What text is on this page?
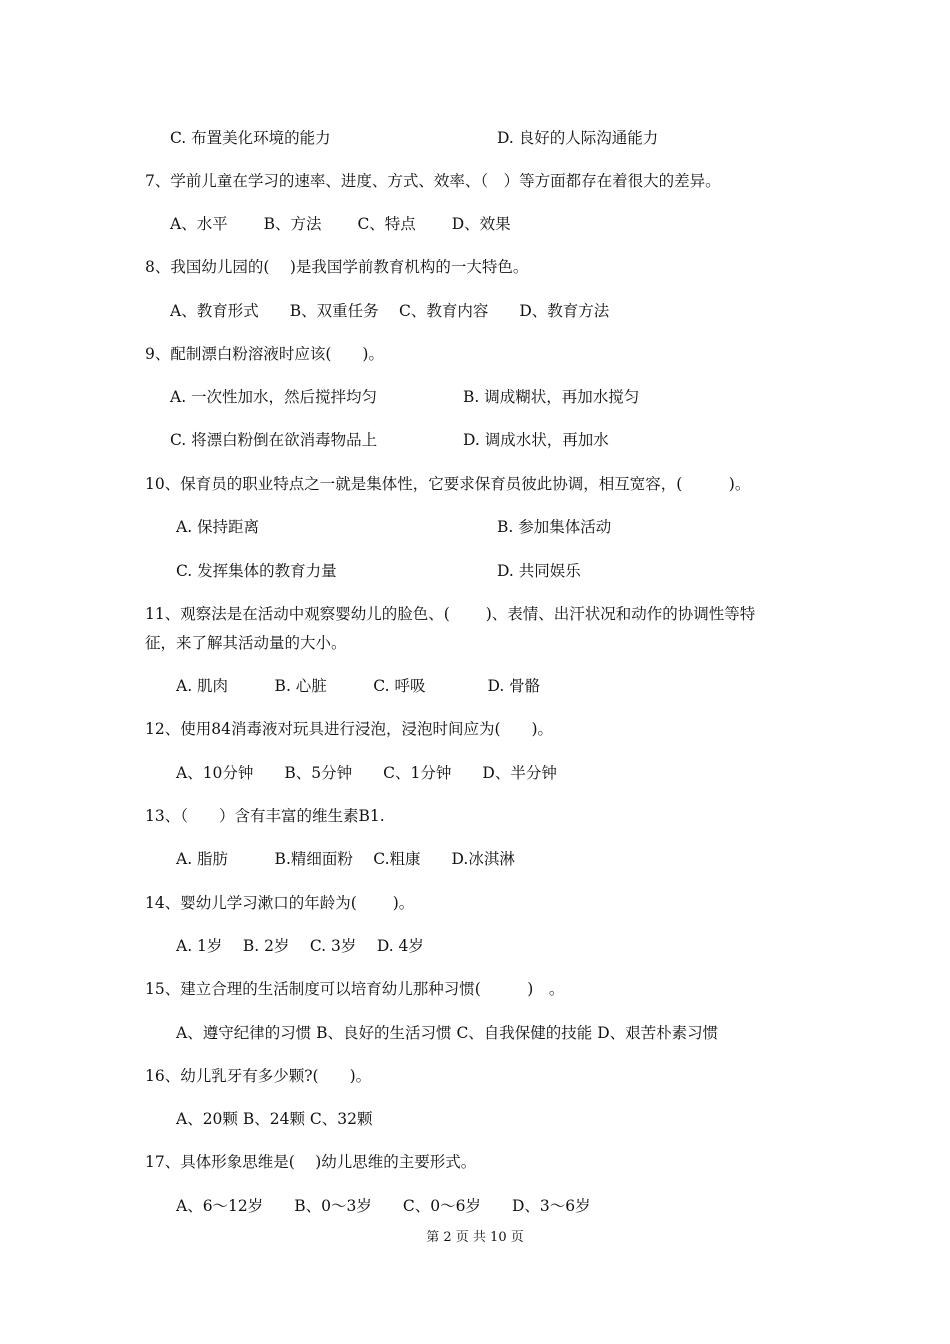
C. 布置美化环境的能力	D. 良好的人际沟通能力
7、学前儿童在学习的速率、进度、方式、效率、（　）等方面都存在着很大的差异。
A、水平　　 B、方法　　 C、特点　　 D、效果
8、我国幼儿园的(　 )是我国学前教育机构的一大特色。
A、教育形式　　B、双重任务　 C、教育内容　　D、教育方法
9、配制漂白粉溶液时应该(　　)。
A. 一次性加水，然后搅拌均匀	B. 调成糊状，再加水搅匀
C. 将漂白粉倒在欲消毒物品上	D. 调成水状，再加水
10、保育员的职业特点之一就是集体性，它要求保育员彼此协调，相互宽容，(　　　)。
A. 保持距离	B. 参加集体活动
C. 发挥集体的教育力量	D. 共同娱乐
11、观察法是在活动中观察婴幼儿的脸色、(　　 )、表情、出汗状况和动作的协调性等特
征，来了解其活动量的大小。
A. 肌肉　　　B. 心脏　　　C. 呼吸　　　　D. 骨骼
12、使用84消毒液对玩具进行浸泡，浸泡时间应为(　　)。
A、10分钟　　B、5分钟　　C、1分钟　　D、半分钟
13、（　　）含有丰富的维生素B1.
A. 脂肪　　　B.精细面粉　 C.粗康　　D.冰淇淋
14、婴幼儿学习漱口的年龄为(　　 )。
A. 1岁　 B. 2岁　 C. 3岁　 D. 4岁
15、建立合理的生活制度可以培育幼儿那种习惯(　　　)　。
A、遵守纪律的习惯 B、良好的生活习惯 C、自我保健的技能 D、艰苦朴素习惯
16、幼儿乳牙有多少颗?(　　)。
A、20颗 B、24颗 C、32颗
17、具体形象思维是(　 )幼儿思维的主要形式。
A、6～12岁　　B、0～3岁　　C、0～6岁　　D、3～6岁
第 2 页 共 10 页
